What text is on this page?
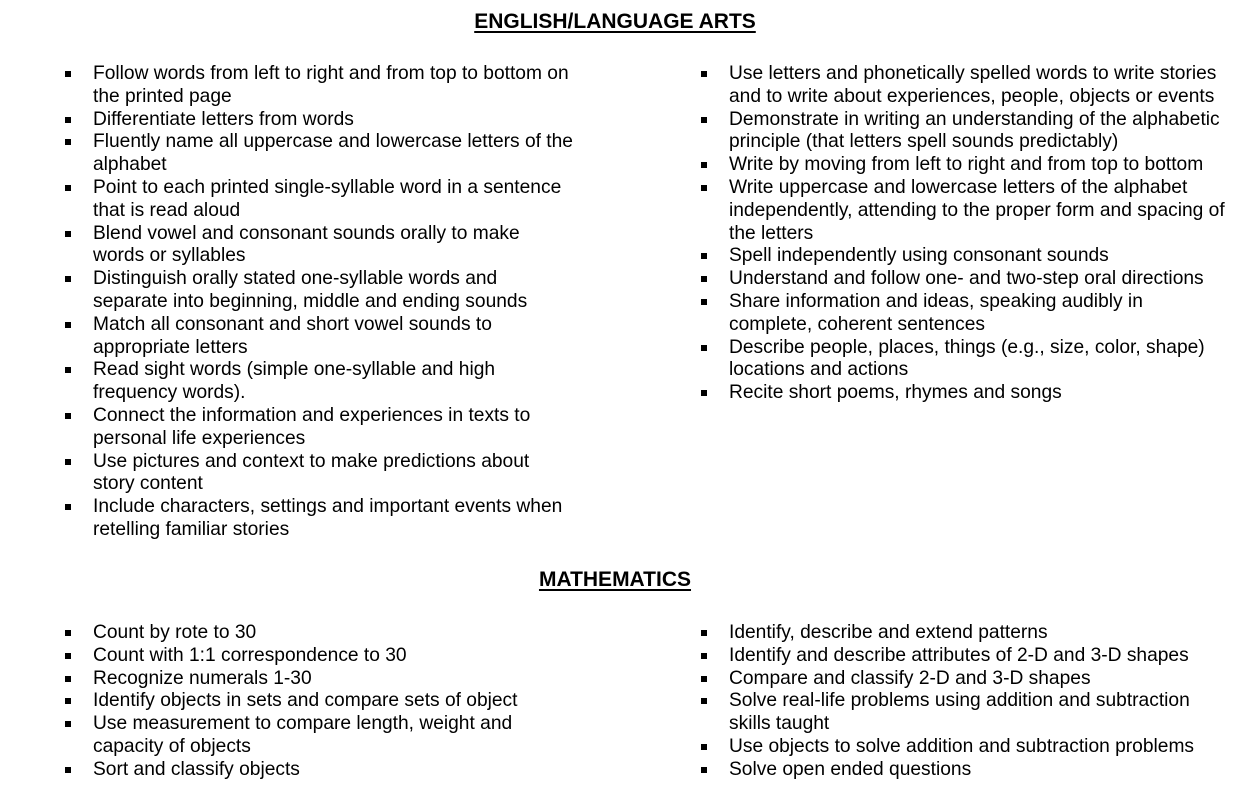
ENGLISH/LANGUAGE ARTS
Follow words from left to right and from top to bottom on the printed page
Differentiate letters from words
Fluently name all uppercase and lowercase letters of the alphabet
Point to each printed single-syllable word in a sentence that is read aloud
Blend vowel and consonant sounds orally to make words or syllables
Distinguish orally stated one-syllable words and separate into beginning, middle and ending sounds
Match all consonant and short vowel sounds to appropriate letters
Read sight words (simple one-syllable and high frequency words).
Connect the information and experiences in texts to personal life experiences
Use pictures and context to make predictions about story content
Include characters, settings and important events when retelling familiar stories
Use letters and phonetically spelled words to write stories and to write about experiences, people, objects or events
Demonstrate in writing an understanding of the alphabetic principle (that letters spell sounds predictably)
Write by moving from left to right and from top to bottom
Write uppercase and lowercase letters of the alphabet independently, attending to the proper form and spacing of the letters
Spell independently using consonant sounds
Understand and follow one- and two-step oral directions
Share information and ideas, speaking audibly in complete, coherent sentences
Describe people, places, things (e.g., size, color, shape) locations and actions
Recite short poems, rhymes and songs
MATHEMATICS
Count by rote to 30
Count with 1:1 correspondence to 30
Recognize numerals 1-30
Identify objects in sets and compare sets of object
Use measurement to compare length, weight and capacity of objects
Sort and classify objects
Identify, describe and extend patterns
Identify and describe attributes of 2-D and 3-D shapes
Compare and classify 2-D and 3-D shapes
Solve real-life problems using addition and subtraction skills taught
Use objects to solve addition and subtraction problems
Solve open ended questions
